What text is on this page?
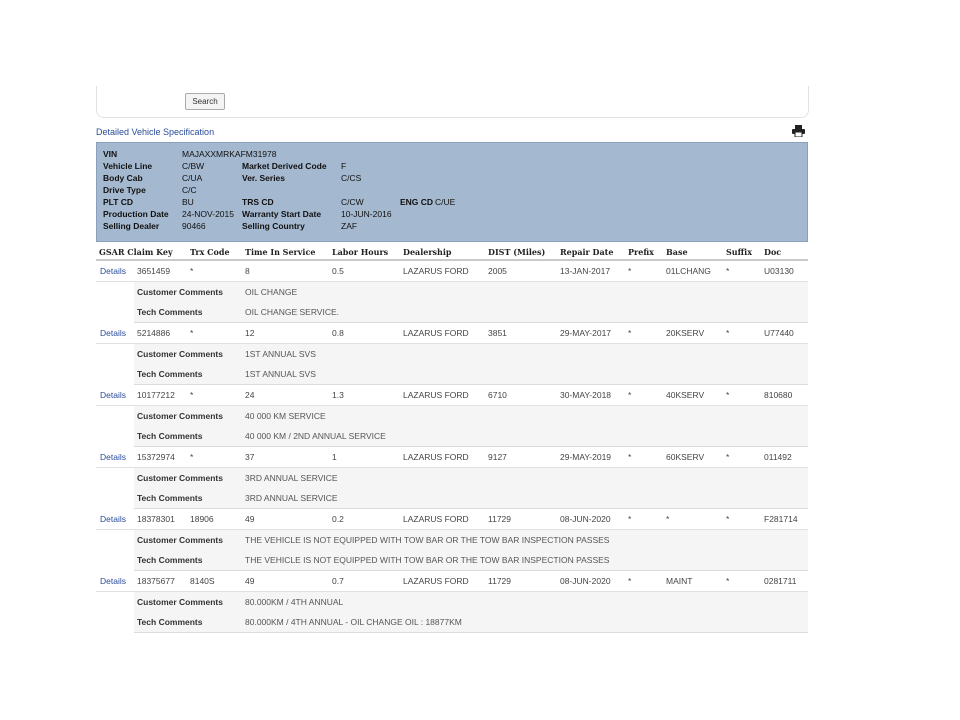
Search
Detailed Vehicle Specification
VIN	MAJAXXMRKAFM31978
Vehicle Line	C/BW	Market Derived Code F
Body Cab	C/UA	Ver. Series	C/CS
Drive Type	C/C
PLT CD	BU	TRS CD	C/CW	ENG CD C/UE
Production Date 24-NOV-2015 Warranty Start Date 10-JUN-2016
Selling Dealer	90466	Selling Country	ZAF
GSAR Claim Key		Trx Code	Time In Service	Labor Hours	Dealership	DIST (Miles)	Repair Date	Prefix	Base	Suffix	Doc
Details	3651459	*	8	0.5	LAZARUS FORD	2005	13-JAN-2017	*	01LCHANG	*	U03130
	Customer Comments		OIL CHANGE								
	Tech Comments		OIL CHANGE SERVICE.								
Details	5214886	*	12	0.8	LAZARUS FORD	3851	29-MAY-2017	*	20KSERV	*	U77440
	Customer Comments		1ST ANNUAL SVS								
	Tech Comments		1ST ANNUAL SVS								
Details	10177212	*	24	1.3	LAZARUS FORD	6710	30-MAY-2018	*	40KSERV	*	810680
	Customer Comments		40 000 KM SERVICE								
	Tech Comments		40 000 KM / 2ND ANNUAL SERVICE								
Details	15372974	*	37	1	LAZARUS FORD	9127	29-MAY-2019	*	60KSERV	*	011492
	Customer Comments		3RD ANNUAL SERVICE								
	Tech Comments		3RD ANNUAL SERVICE								
Details	18378301	18906	49	0.2	LAZARUS FORD	11729	08-JUN-2020	*	*	*	F281714
	Customer Comments		THE VEHICLE IS NOT EQUIPPED WITH TOW BAR OR THE TOW BAR INSPECTION PASSES								
	Tech Comments		THE VEHICLE IS NOT EQUIPPED WITH TOW BAR OR THE TOW BAR INSPECTION PASSES								
Details	18375677	8140S	49	0.7	LAZARUS FORD	11729	08-JUN-2020	*	MAINT	*	0281711
	Customer Comments		80.000KM / 4TH ANNUAL								
	Tech Comments		80.000KM / 4TH ANNUAL - OIL CHANGE OIL : 18877KM								
